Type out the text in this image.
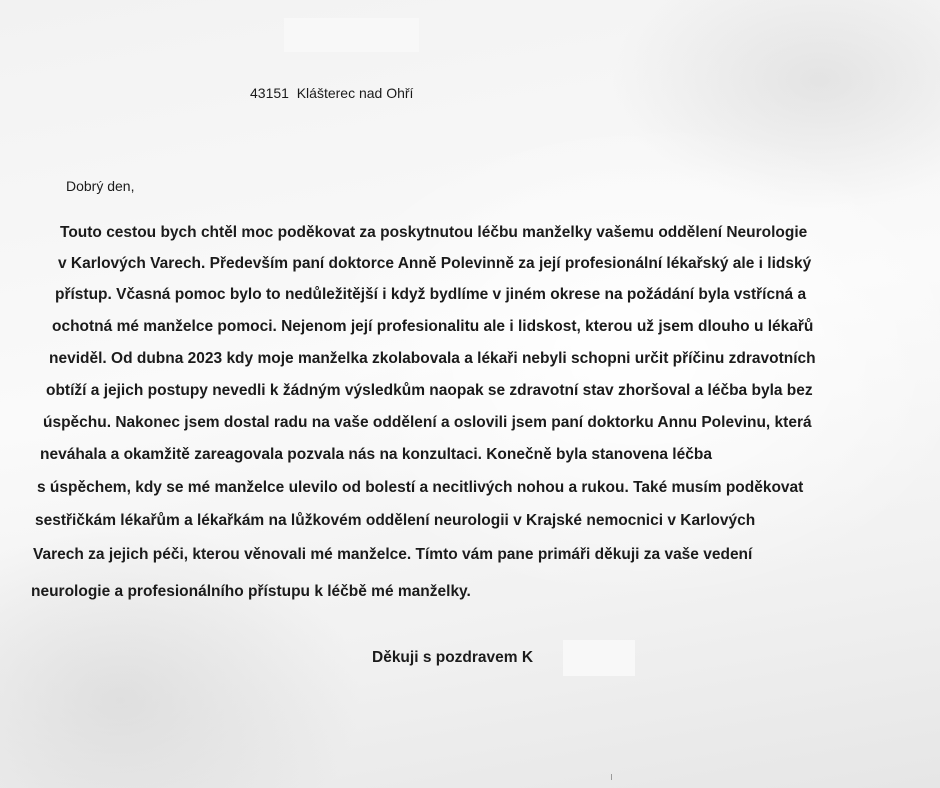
43151  Klášterec nad Ohří
Dobrý den,
Touto cestou bych chtěl moc poděkovat za poskytnutou léčbu manželky vašemu oddělení Neurologie
v Karlových Varech. Především paní doktorce Anně Polevinně za její profesionální lékařský ale i lidský
přístup. Včasná pomoc bylo to nedůležitější i když bydlíme v jiném okrese na požádání byla vstřícná a
ochotná mé manželce pomoci. Nejenom její profesionalitu ale i lidskost, kterou už jsem dlouho u lékařů
neviděl. Od dubna 2023 kdy moje manželka zkolabovala a lékaři nebyli schopni určit příčinu zdravotních
obtíží a jejich postupy nevedli k žádným výsledkům naopak se zdravotní stav zhoršoval a léčba byla bez
úspěchu. Nakonec jsem dostal radu na vaše oddělení a oslovili jsem paní doktorku Annu Polevinu, která
neváhala a okamžitě zareagovala pozvala nás na konzultaci. Konečně byla stanovena léčba
s úspěchem, kdy se mé manželce ulevilo od bolestí a necitlivých nohou a rukou. Také musím poděkovat
sestřičkám lékařům a lékařkám na lůžkovém oddělení neurologii v Krajské nemocnici v Karlových
Varech za jejich péči, kterou věnovali mé manželce. Tímto vám pane primáři děkuji za vaše vedení
neurologie a profesionálního přístupu k léčbě mé manželky.
Děkuji s pozdravem K
